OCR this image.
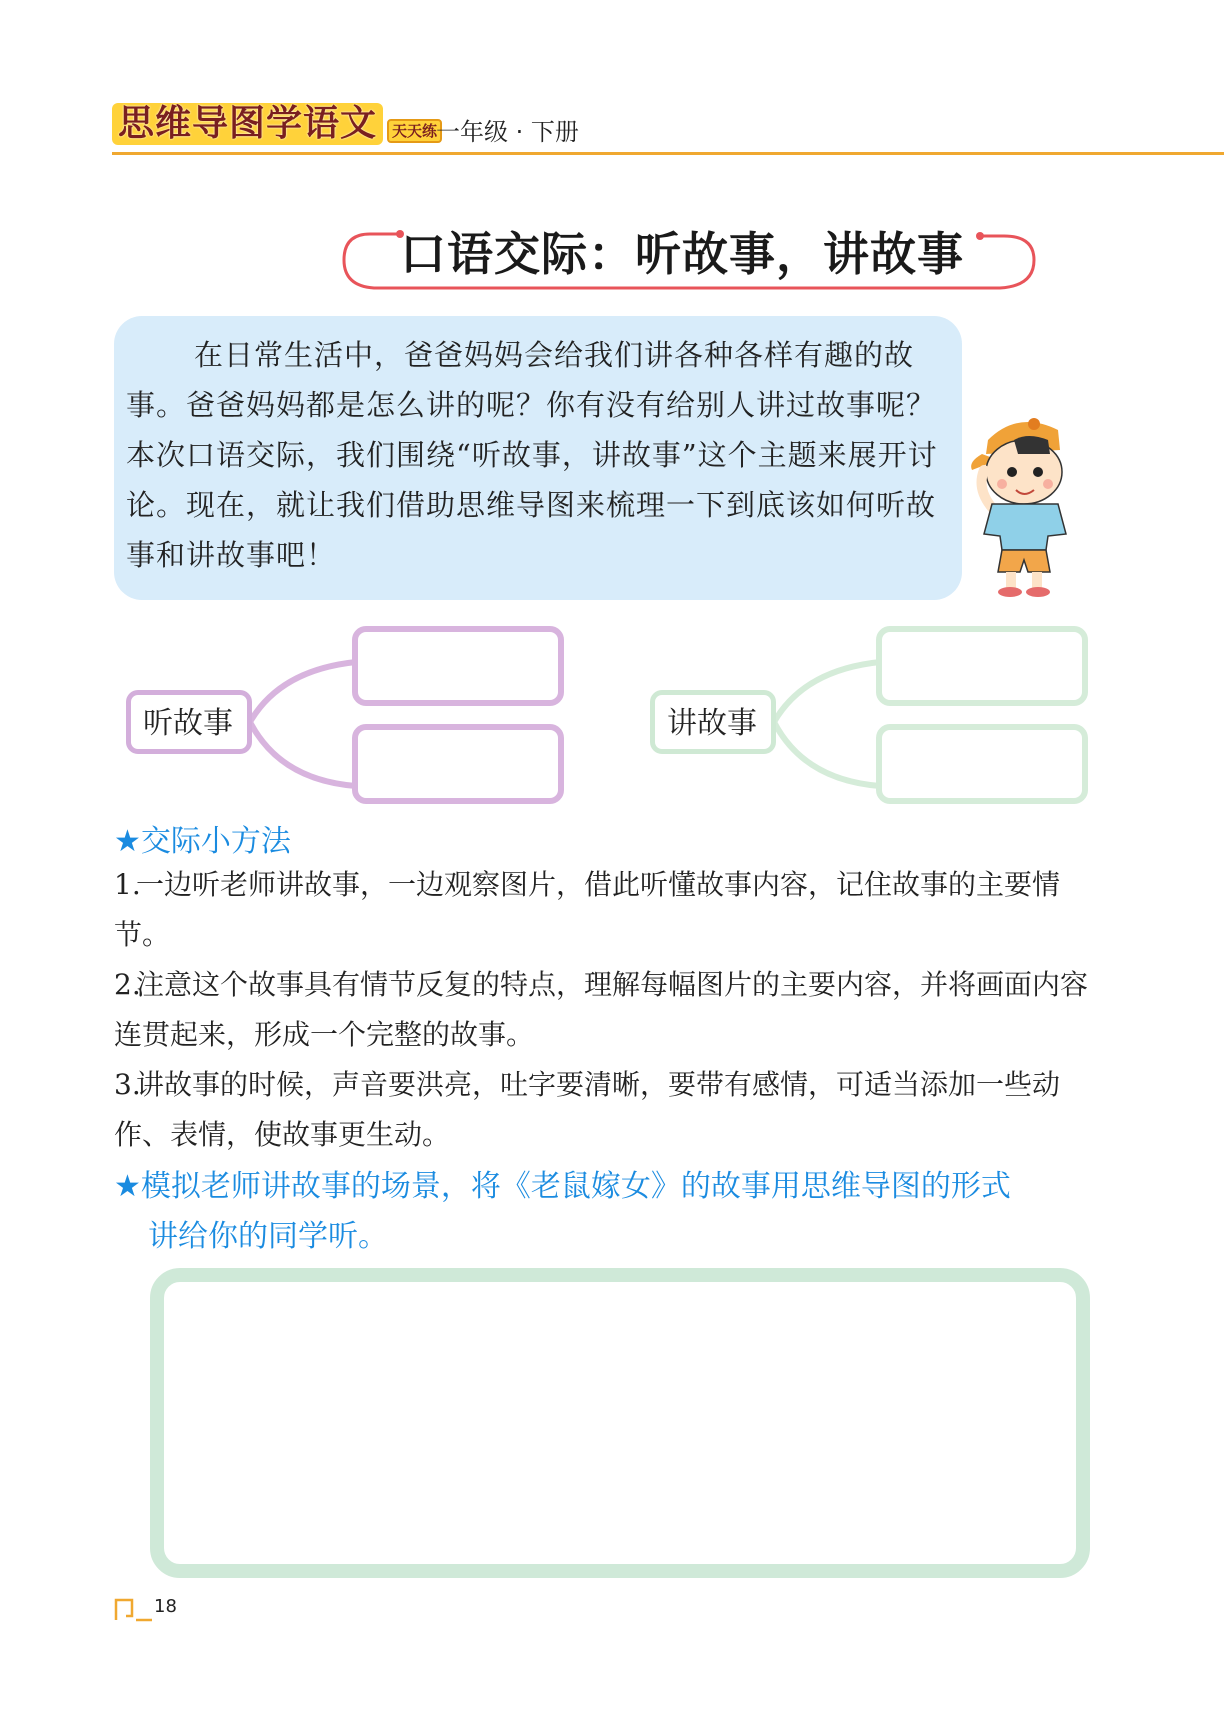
思维导图学语文	天天练
一年级 · 下册
口语交际：听故事，讲故事
在日常生活中，爸爸妈妈会给我们讲各种各样有趣的故事。爸爸妈妈都是怎么讲的呢？你有没有给别人讲过故事呢？本次口语交际，我们围绕“听故事，讲故事”这个主题来展开讨论。现在，就让我们借助思维导图来梳理一下到底该如何听故事和讲故事吧！
听故事	讲故事
★交际小方法
1.一边听老师讲故事，一边观察图片，借此听懂故事内容，记住故事的主要情节。
2.注意这个故事具有情节反复的特点，理解每幅图片的主要内容，并将画面内容连贯起来，形成一个完整的故事。
3.讲故事的时候，声音要洪亮，吐字要清晰，要带有感情，可适当添加一些动作、表情，使故事更生动。
★模拟老师讲故事的场景，将《老鼠嫁女》的故事用思维导图的形式
讲给你的同学听。
18
